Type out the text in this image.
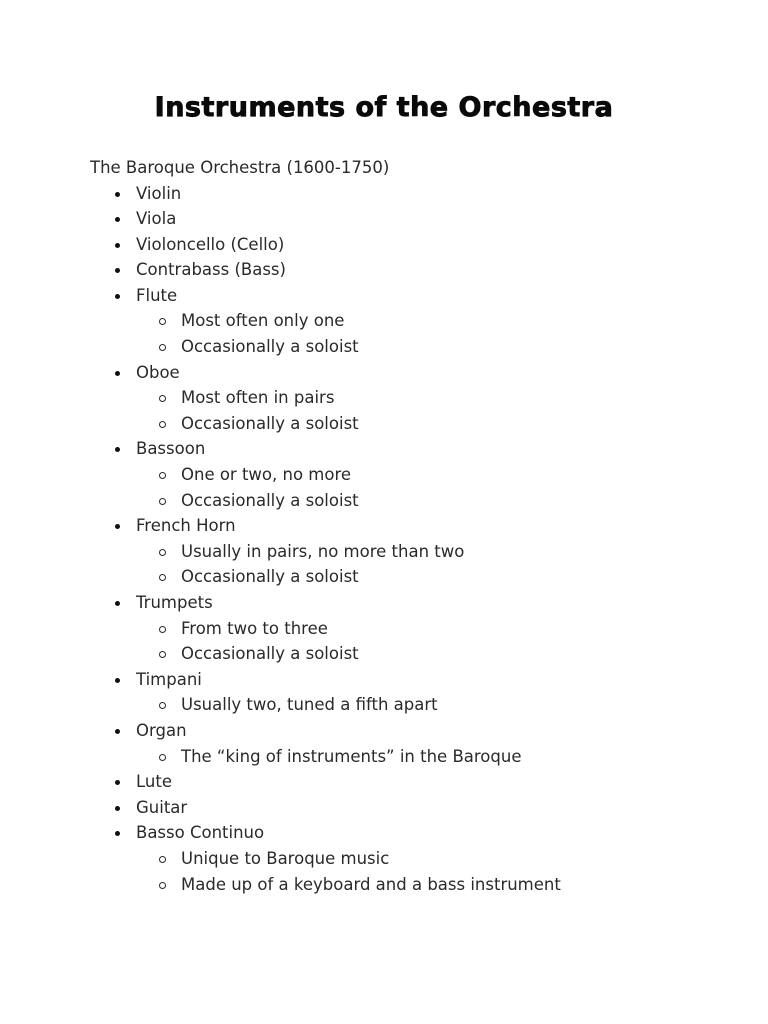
Instruments of the Orchestra
The Baroque Orchestra (1600-1750)
Violin
Viola
Violoncello (Cello)
Contrabass (Bass)
Flute
Most often only one
Occasionally a soloist
Oboe
Most often in pairs
Occasionally a soloist
Bassoon
One or two, no more
Occasionally a soloist
French Horn
Usually in pairs, no more than two
Occasionally a soloist
Trumpets
From two to three
Occasionally a soloist
Timpani
Usually two, tuned a fifth apart
Organ
The “king of instruments” in the Baroque
Lute
Guitar
Basso Continuo
Unique to Baroque music
Made up of a keyboard and a bass instrument
